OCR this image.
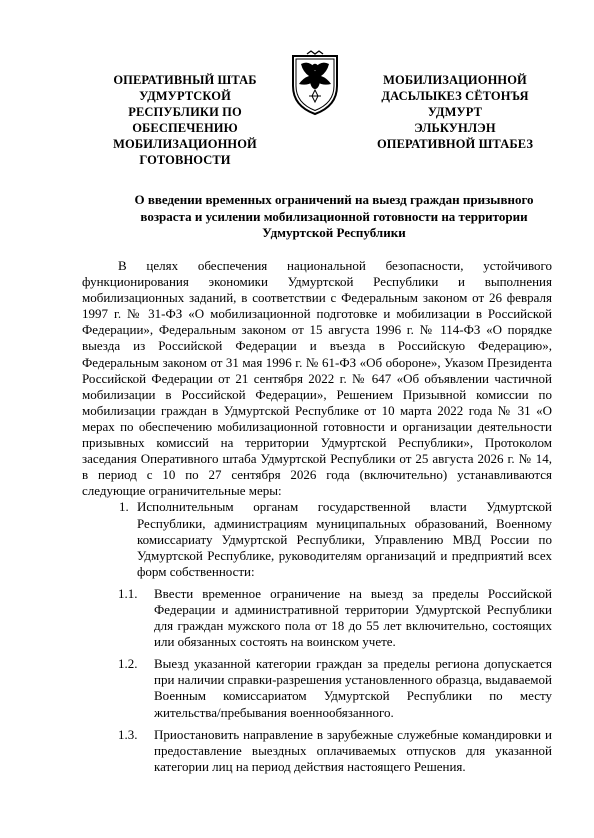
ОПЕРАТИВНЫЙ ШТАБ
УДМУРТСКОЙ
РЕСПУБЛИКИ ПО
ОБЕСПЕЧЕНИЮ
МОБИЛИЗАЦИОННОЙ
ГОТОВНОСТИ
МОБИЛИЗАЦИОННОЙ
ДАСЬЛЫКЕЗ СЁТОНЪЯ
УДМУРТ
ЭЛЬКУНЛЭН
ОПЕРАТИВНОЙ ШТАБЕЗ
О введении временных ограничений на выезд граждан призывного возраста и усилении мобилизационной готовности на территории Удмуртской Республики

В целях обеспечения национальной безопасности, устойчивого функционирования экономики Удмуртской Республики и выполнения мобилизационных заданий, в соответствии с Федеральным законом от 26 февраля 1997 г. № 31-ФЗ «О мобилизационной подготовке и мобилизации в Российской Федерации», Федеральным законом от 15 августа 1996 г. № 114-ФЗ «О порядке выезда из Российской Федерации и въезда в Российскую Федерацию», Федеральным законом от 31 мая 1996 г. № 61-ФЗ «Об обороне», Указом Президента Российской Федерации от 21 сентября 2022 г. № 647 «Об объявлении частичной мобилизации в Российской Федерации», Решением Призывной комиссии по мобилизации граждан в Удмуртской Республике от 10 марта 2022 года № 31 «О мерах по обеспечению мобилизационной готовности и организации деятельности призывных комиссий на территории Удмуртской Республики», Протоколом заседания Оперативного штаба Удмуртской Республики от 25 августа 2026 г. № 14, в период с 10 по 27 сентября 2026 года (включительно) устанавливаются следующие ограничительные меры:

1. Исполнительным органам государственной власти Удмуртской Республики, администрациям муниципальных образований, Военному комиссариату Удмуртской Республики, Управлению МВД России по Удмуртской Республике, руководителям организаций и предприятий всех форм собственности:

1.1. Ввести временное ограничение на выезд за пределы Российской Федерации и административной территории Удмуртской Республики для граждан мужского пола от 18 до 55 лет включительно, состоящих или обязанных состоять на воинском учете.

1.2. Выезд указанной категории граждан за пределы региона допускается при наличии справки-разрешения установленного образца, выдаваемой Военным комиссариатом Удмуртской Республики по месту жительства/пребывания военнообязанного.

1.3. Приостановить направление в зарубежные служебные командировки и предоставление выездных оплачиваемых отпусков для указанной категории лиц на период действия настоящего Решения.
